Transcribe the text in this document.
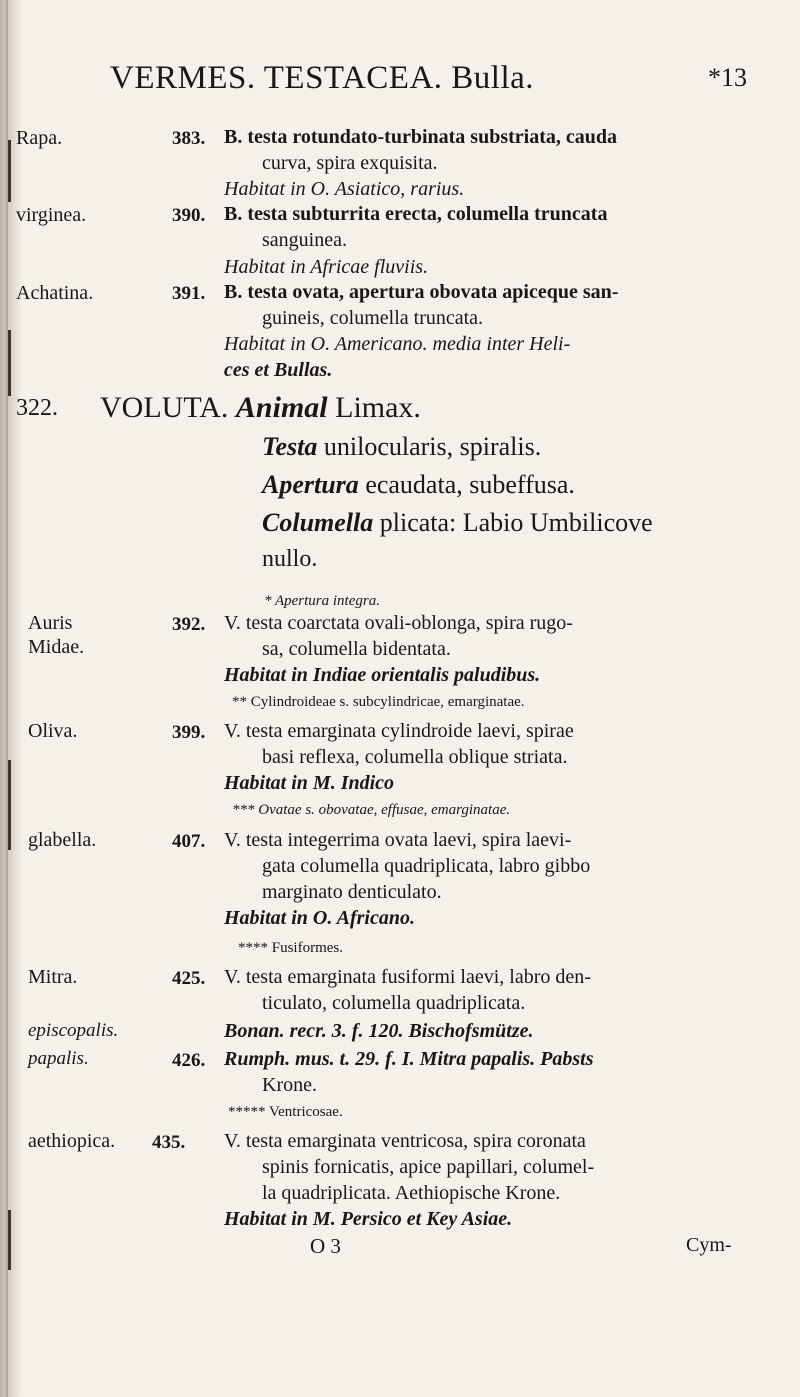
VERMES. TESTACEA. Bulla.	*13
Rapa.	383. B. testa rotundato-turbinata substriata, cauda
curva, spira exquisita.
Habitat in O. Asiatico, rarius.
virginea.	390. B. testa subturrita erecta, columella truncata
sanguinea.
Habitat in Africae fluviis.
Achatina.	391. B. testa ovata, apertura obovata apiceque san-
guineis, columella truncata.
Habitat in O. Americano. media inter Heli-
ces et Bullas.
322. VOLUTA. Animal Limax.
Testa unilocularis, spiralis.
Apertura ecaudata, subeffusa.
Columella plicata: Labio Umbilicove
nullo.
* Apertura integra.
Auris
Midae.
392. V. testa coarctata ovali-oblonga, spira rugo-
sa, columella bidentata.
Habitat in Indiae orientalis paludibus.
** Cylindroideae s. subcylindricae, emarginatae.
Oliva.	399. V. testa emarginata cylindroide laevi, spirae
basi reflexa, columella oblique striata.
Habitat in M. Indico
*** Ovatae s. obovatae, effusae, emarginatae.
glabella.	407. V. testa integerrima ovata laevi, spira laevi-
gata columella quadriplicata, labro gibbo
marginato denticulato.
Habitat in O. Africano.
**** Fusiformes.
Mitra.	425. V. testa emarginata fusiformi laevi, labro den-
ticulato, columella quadriplicata.
episcopalis.	Bonan. recr. 3. f. 120. Bischofsmütze.
papalis.	426. Rumph. mus. t. 29. f. I. Mitra papalis. Pabsts
Krone.
***** Ventricosae.
aethiopica. 435. V. testa emarginata ventricosa, spira coronata
spinis fornicatis, apice papillari, columel-
la quadriplicata. Aethiopische Krone.
Habitat in M. Persico et Key Asiae.
O 3	Cym-
